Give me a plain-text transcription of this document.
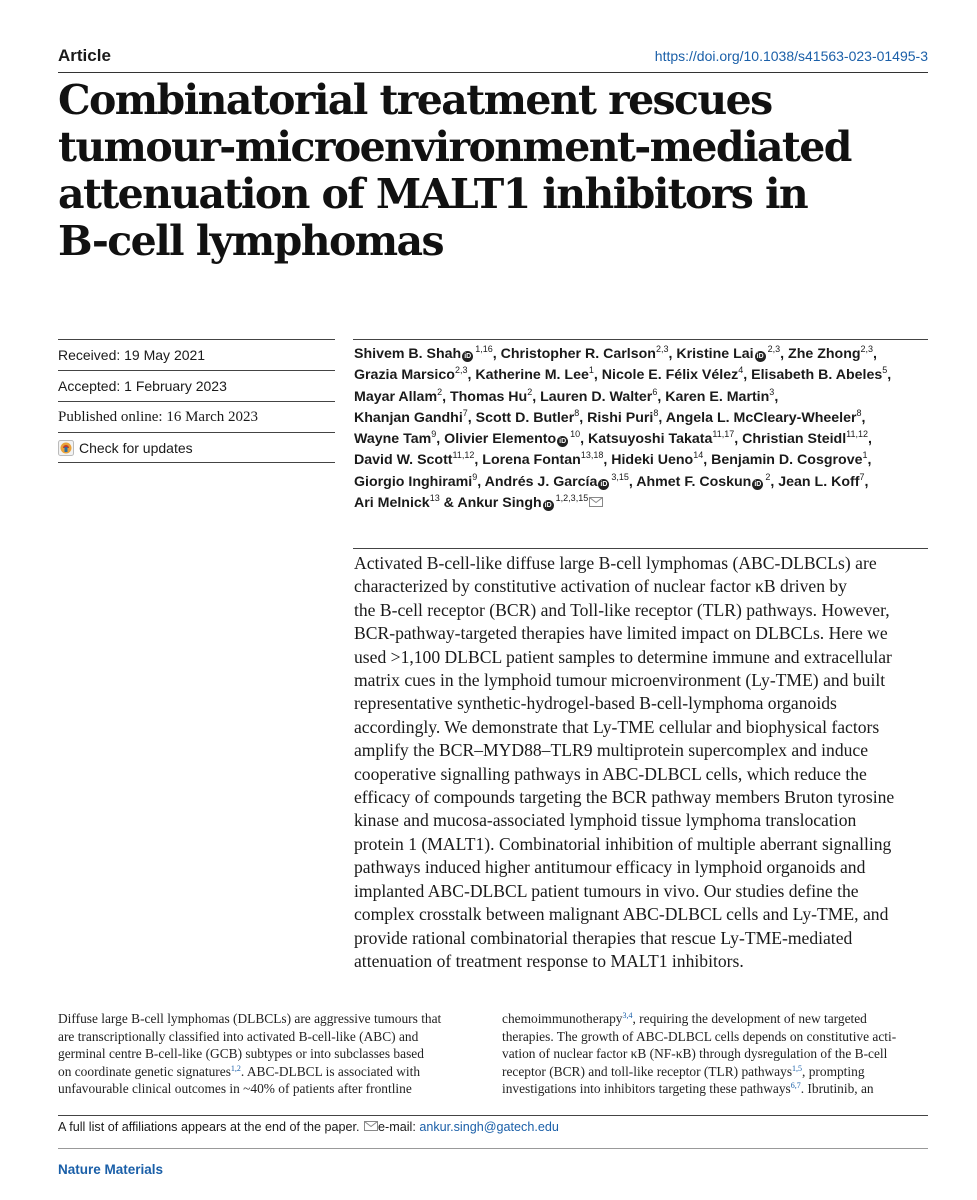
Article	https://doi.org/10.1038/s41563-023-01495-3
Combinatorial treatment rescues
tumour-microenvironment-mediated
attenuation of MALT1 inhibitors in
B-cell lymphomas
Received: 19 May 2021
Accepted: 1 February 2023
Published online: 16 March 2023
Check for updates
Shivem B. Shah iD$^{1,16}$, Christopher R. Carlson$^{2,3}$, Kristine Lai iD$^{2,3}$, Zhe Zhong$^{2,3}$,
Grazia Marsico$^{2,3}$, Katherine M. Lee$^1$, Nicole E. Félix Vélez$^4$, Elisabeth B. Abeles$^5$,
Mayar Allam$^2$, Thomas Hu$^2$, Lauren D. Walter$^6$, Karen E. Martin$^3$,
Khanjan Gandhi$^7$, Scott D. Butler$^8$, Rishi Puri$^8$, Angela L. McCleary-Wheeler$^8$,
Wayne Tam$^9$, Olivier Elemento $iD^{10}$, Katsuyoshi Takata$^{11,17}$, Christian Steidl$^{11,12}$,
David W. Scott$^{11,12}$, Lorena Fontan$^{13,18}$, Hideki Ueno$^{14}$, Benjamin D. Cosgrove$^1$,
Giorgio Inghirami$^9$, Andrés J. García iD$^{3,15}$, Ahmet F. Coskun $iD^2$, Jean L. Koff$^7$,
Ari Melnick$^{13}$ & Ankur Singh iD$^{1,2,3,15}$
Activated B-cell-like diffuse large B-cell lymphomas (ABC-DLBCLs) are
characterized by constitutive activation of nuclear factor κB driven by
the B-cell receptor (BCR) and Toll-like receptor (TLR) pathways. However,
BCR-pathway-targeted therapies have limited impact on DLBCLs. Here we
used >1,100 DLBCL patient samples to determine immune and extracellular
matrix cues in the lymphoid tumour microenvironment (Ly-TME) and built
representative synthetic-hydrogel-based B-cell-lymphoma organoids
accordingly. We demonstrate that Ly-TME cellular and biophysical factors
amplify the BCR–MYD88–TLR9 multiprotein supercomplex and induce
cooperative signalling pathways in ABC-DLBCL cells, which reduce the
efficacy of compounds targeting the BCR pathway members Bruton tyrosine
kinase and mucosa-associated lymphoid tissue lymphoma translocation
protein 1 (MALT1). Combinatorial inhibition of multiple aberrant signalling
pathways induced higher antitumour efficacy in lymphoid organoids and
implanted ABC-DLBCL patient tumours in vivo. Our studies define the
complex crosstalk between malignant ABC-DLBCL cells and Ly-TME, and
provide rational combinatorial therapies that rescue Ly-TME-mediated
attenuation of treatment response to MALT1 inhibitors.
Diffuse large B-cell lymphomas (DLBCLs) are aggressive tumours that
are transcriptionally classified into activated B-cell-like (ABC) and
germinal centre B-cell-like (GCB) subtypes or into subclasses based
on coordinate genetic signatures$^{1,2}$. ABC-DLBCL is associated with
unfavourable clinical outcomes in ~40% of patients after frontline
chemoimmunotherapy$^{3,4}$, requiring the development of new targeted
therapies. The growth of ABC-DLBCL cells depends on constitutive acti-
vation of nuclear factor κB (NF-κB) through dysregulation of the B-cell
receptor (BCR) and toll-like receptor (TLR) pathways$^{1,5}$, prompting
investigations into inhibitors targeting these pathways$^{6,7}$. Ibrutinib, an
A full list of affiliations appears at the end of the paper. e-mail: ankur.singh@gatech.edu
Nature Materials
